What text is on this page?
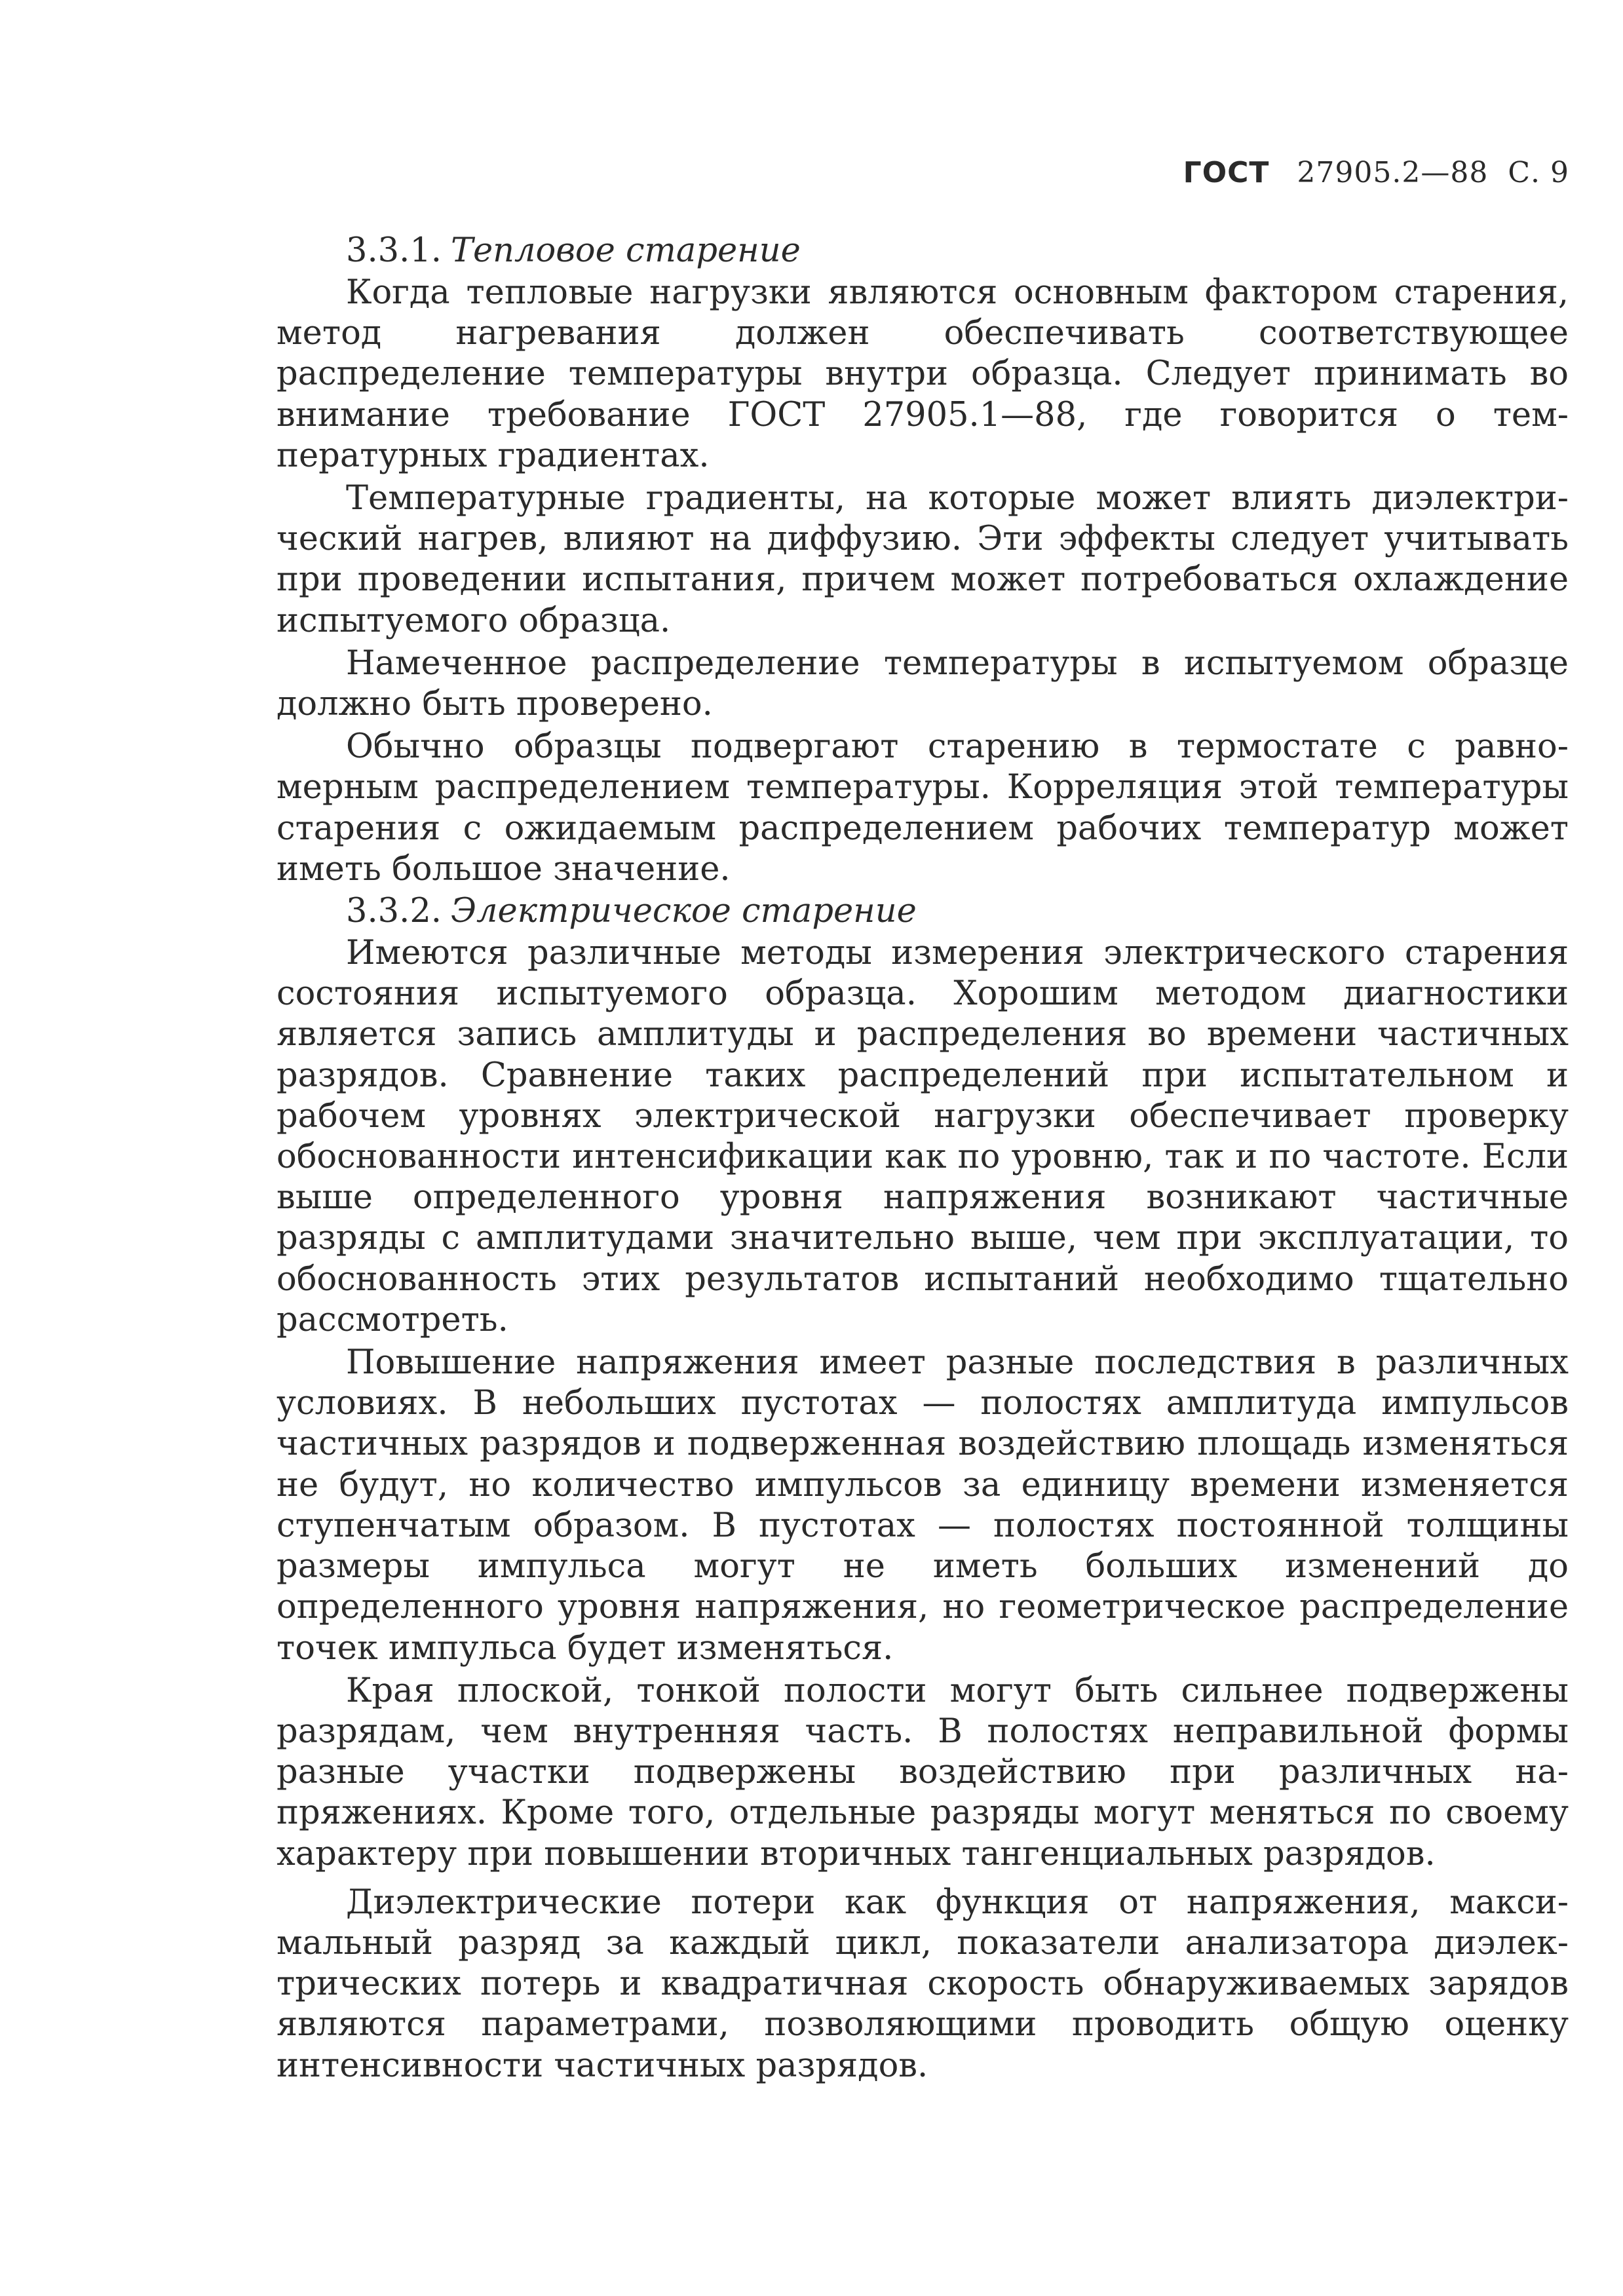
ГОСТ 27905.2—88 С. 9
3.3.1. Тепловое старение

Когда тепловые нагрузки являются основным фактором старения, метод нагревания должен обеспечивать соответствующее распределение температуры внутри образца. Следует принимать во внимание требование ГОСТ 27905.1—88, где говорится о температурных градиентах.

Температурные градиенты, на которые может влиять диэлектрический нагрев, влияют на диффузию. Эти эффекты следует учитывать при проведении испытания, причем может потребоваться охлаждение испытуемого образца.

Намеченное распределение температуры в испытуемом образце должно быть проверено.

Обычно образцы подвергают старению в термостате с равномерным распределением температуры. Корреляция этой температуры старения с ожидаемым распределением рабочих температур может иметь большое значение.

3.3.2. Электрическое старение

Имеются различные методы измерения электрического старения состояния испытуемого образца. Хорошим методом диагностики является запись амплитуды и распределения во времени частичных разрядов. Сравнение таких распределений при испытательном и рабочем уровнях электрической нагрузки обеспечивает проверку обоснованности интенсификации как по уровню, так и по частоте. Если выше определенного уровня напряжения возникают частичные разряды с амплитудами значительно выше, чем при эксплуатации, то обоснованность этих результатов испытаний необходимо тщательно рассмотреть.

Повышение напряжения имеет разные последствия в различных условиях. В небольших пустотах — полостях амплитуда импульсов частичных разрядов и подверженная воздействию площадь изменяться не будут, но количество импульсов за единицу времени изменяется ступенчатым образом. В пустотах — полостях постоянной толщины размеры импульса могут не иметь больших изменений до определенного уровня напряжения, но геометрическое распределение точек импульса будет изменяться.

Края плоской, тонкой полости могут быть сильнее подвержены разрядам, чем внутренняя часть. В полостях неправильной формы разные участки подвержены воздействию при различных напряжениях. Кроме того, отдельные разряды могут меняться по своему характеру при повышении вторичных тангенциальных разрядов.

Диэлектрические потери как функция от напряжения, максимальный разряд за каждый цикл, показатели анализатора диэлектрических потерь и квадратичная скорость обнаруживаемых зарядов являются параметрами, позволяющими проводить общую оценку интенсивности частичных разрядов.
